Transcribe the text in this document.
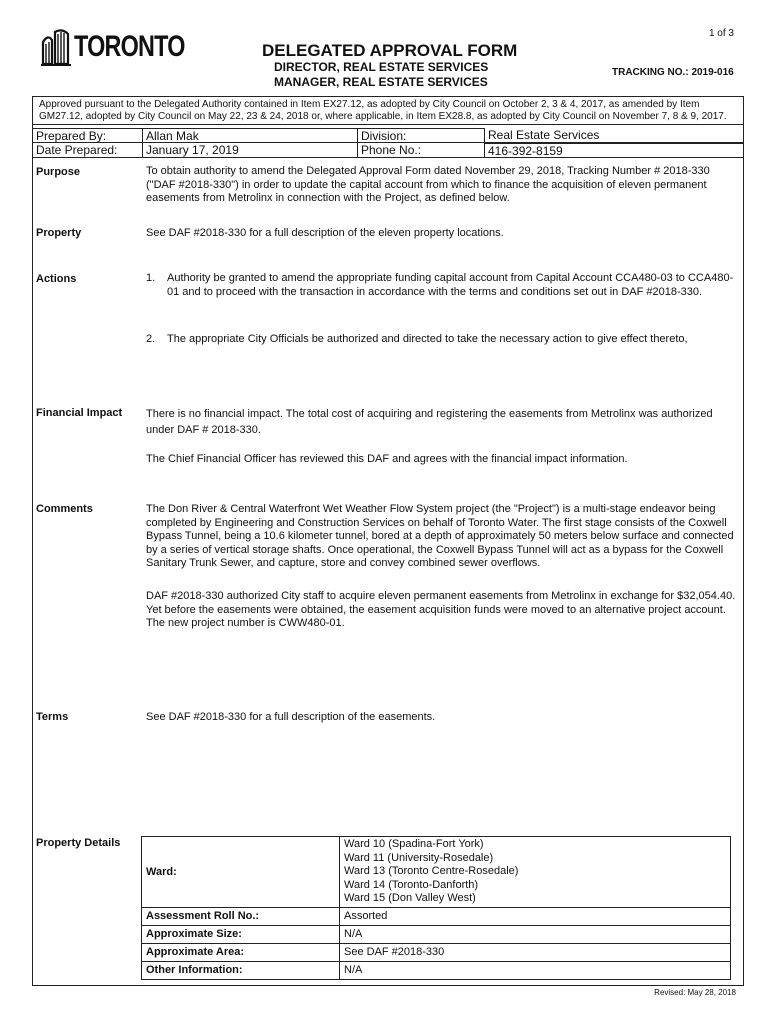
1 of 3
TORONTO	DELEGATED APPROVAL FORM
DIRECTOR, REAL ESTATE SERVICES
MANAGER, REAL ESTATE SERVICES
TRACKING NO.: 2019-016
Approved pursuant to the Delegated Authority contained in Item EX27.12, as adopted by City Council on October 2, 3 & 4, 2017, as amended by Item
GM27.12, adopted by City Council on May 22, 23 & 24, 2018 or, where applicable, in Item EX28.8, as adopted by City Council on November 7, 8 & 9, 2017.
Prepared By:	Allan Mak	Division:	Real Estate Services
Date Prepared:	January 17, 2019	Phone No.:	416-392-8159
Purpose	To obtain authority to amend the Delegated Approval Form dated November 29, 2018, Tracking Number # 2018-330 ("DAF #2018-330") in order to update the capital account from which to finance the acquisition of eleven permanent easements from Metrolinx in connection with the Project, as defined below.
Property	See DAF #2018-330 for a full description of the eleven property locations.
Actions	1. Authority be granted to amend the appropriate funding capital account from Capital Account CCA480-03 to CCA480-01 and to proceed with the transaction in accordance with the terms and conditions set out in DAF #2018-330.
2. The appropriate City Officials be authorized and directed to take the necessary action to give effect thereto,
Financial Impact There is no financial impact. The total cost of acquiring and registering the easements from Metrolinx was authorized under DAF # 2018-330.
The Chief Financial Officer has reviewed this DAF and agrees with the financial impact information.
Comments	The Don River & Central Waterfront Wet Weather Flow System project (the "Project") is a multi-stage endeavor being completed by Engineering and Construction Services on behalf of Toronto Water. The first stage consists of the Coxwell Bypass Tunnel, being a 10.6 kilometer tunnel, bored at a depth of approximately 50 meters below surface and connected by a series of vertical storage shafts. Once operational, the Coxwell Bypass Tunnel will act as a bypass for the Coxwell Sanitary Trunk Sewer, and capture, store and convey combined sewer overflows.
DAF #2018-330 authorized City staff to acquire eleven permanent easements from Metrolinx in exchange for $32,054.40. Yet before the easements were obtained, the easement acquisition funds were moved to an alternative project account. The new project number is CWW480-01.
Terms	See DAF #2018-330 for a full description of the easements.
Property Details
Ward:	Ward 10 (Spadina-Fort York)
Ward 11 (University-Rosedale)
Ward 13 (Toronto Centre-Rosedale)
Ward 14 (Toronto-Danforth)
Ward 15 (Don Valley West)

Assessment Roll No.:	Assorted
Approximate Size:	N/A
Approximate Area:	See DAF #2018-330
Other Information:	N/A
Revised: May 28, 2018
